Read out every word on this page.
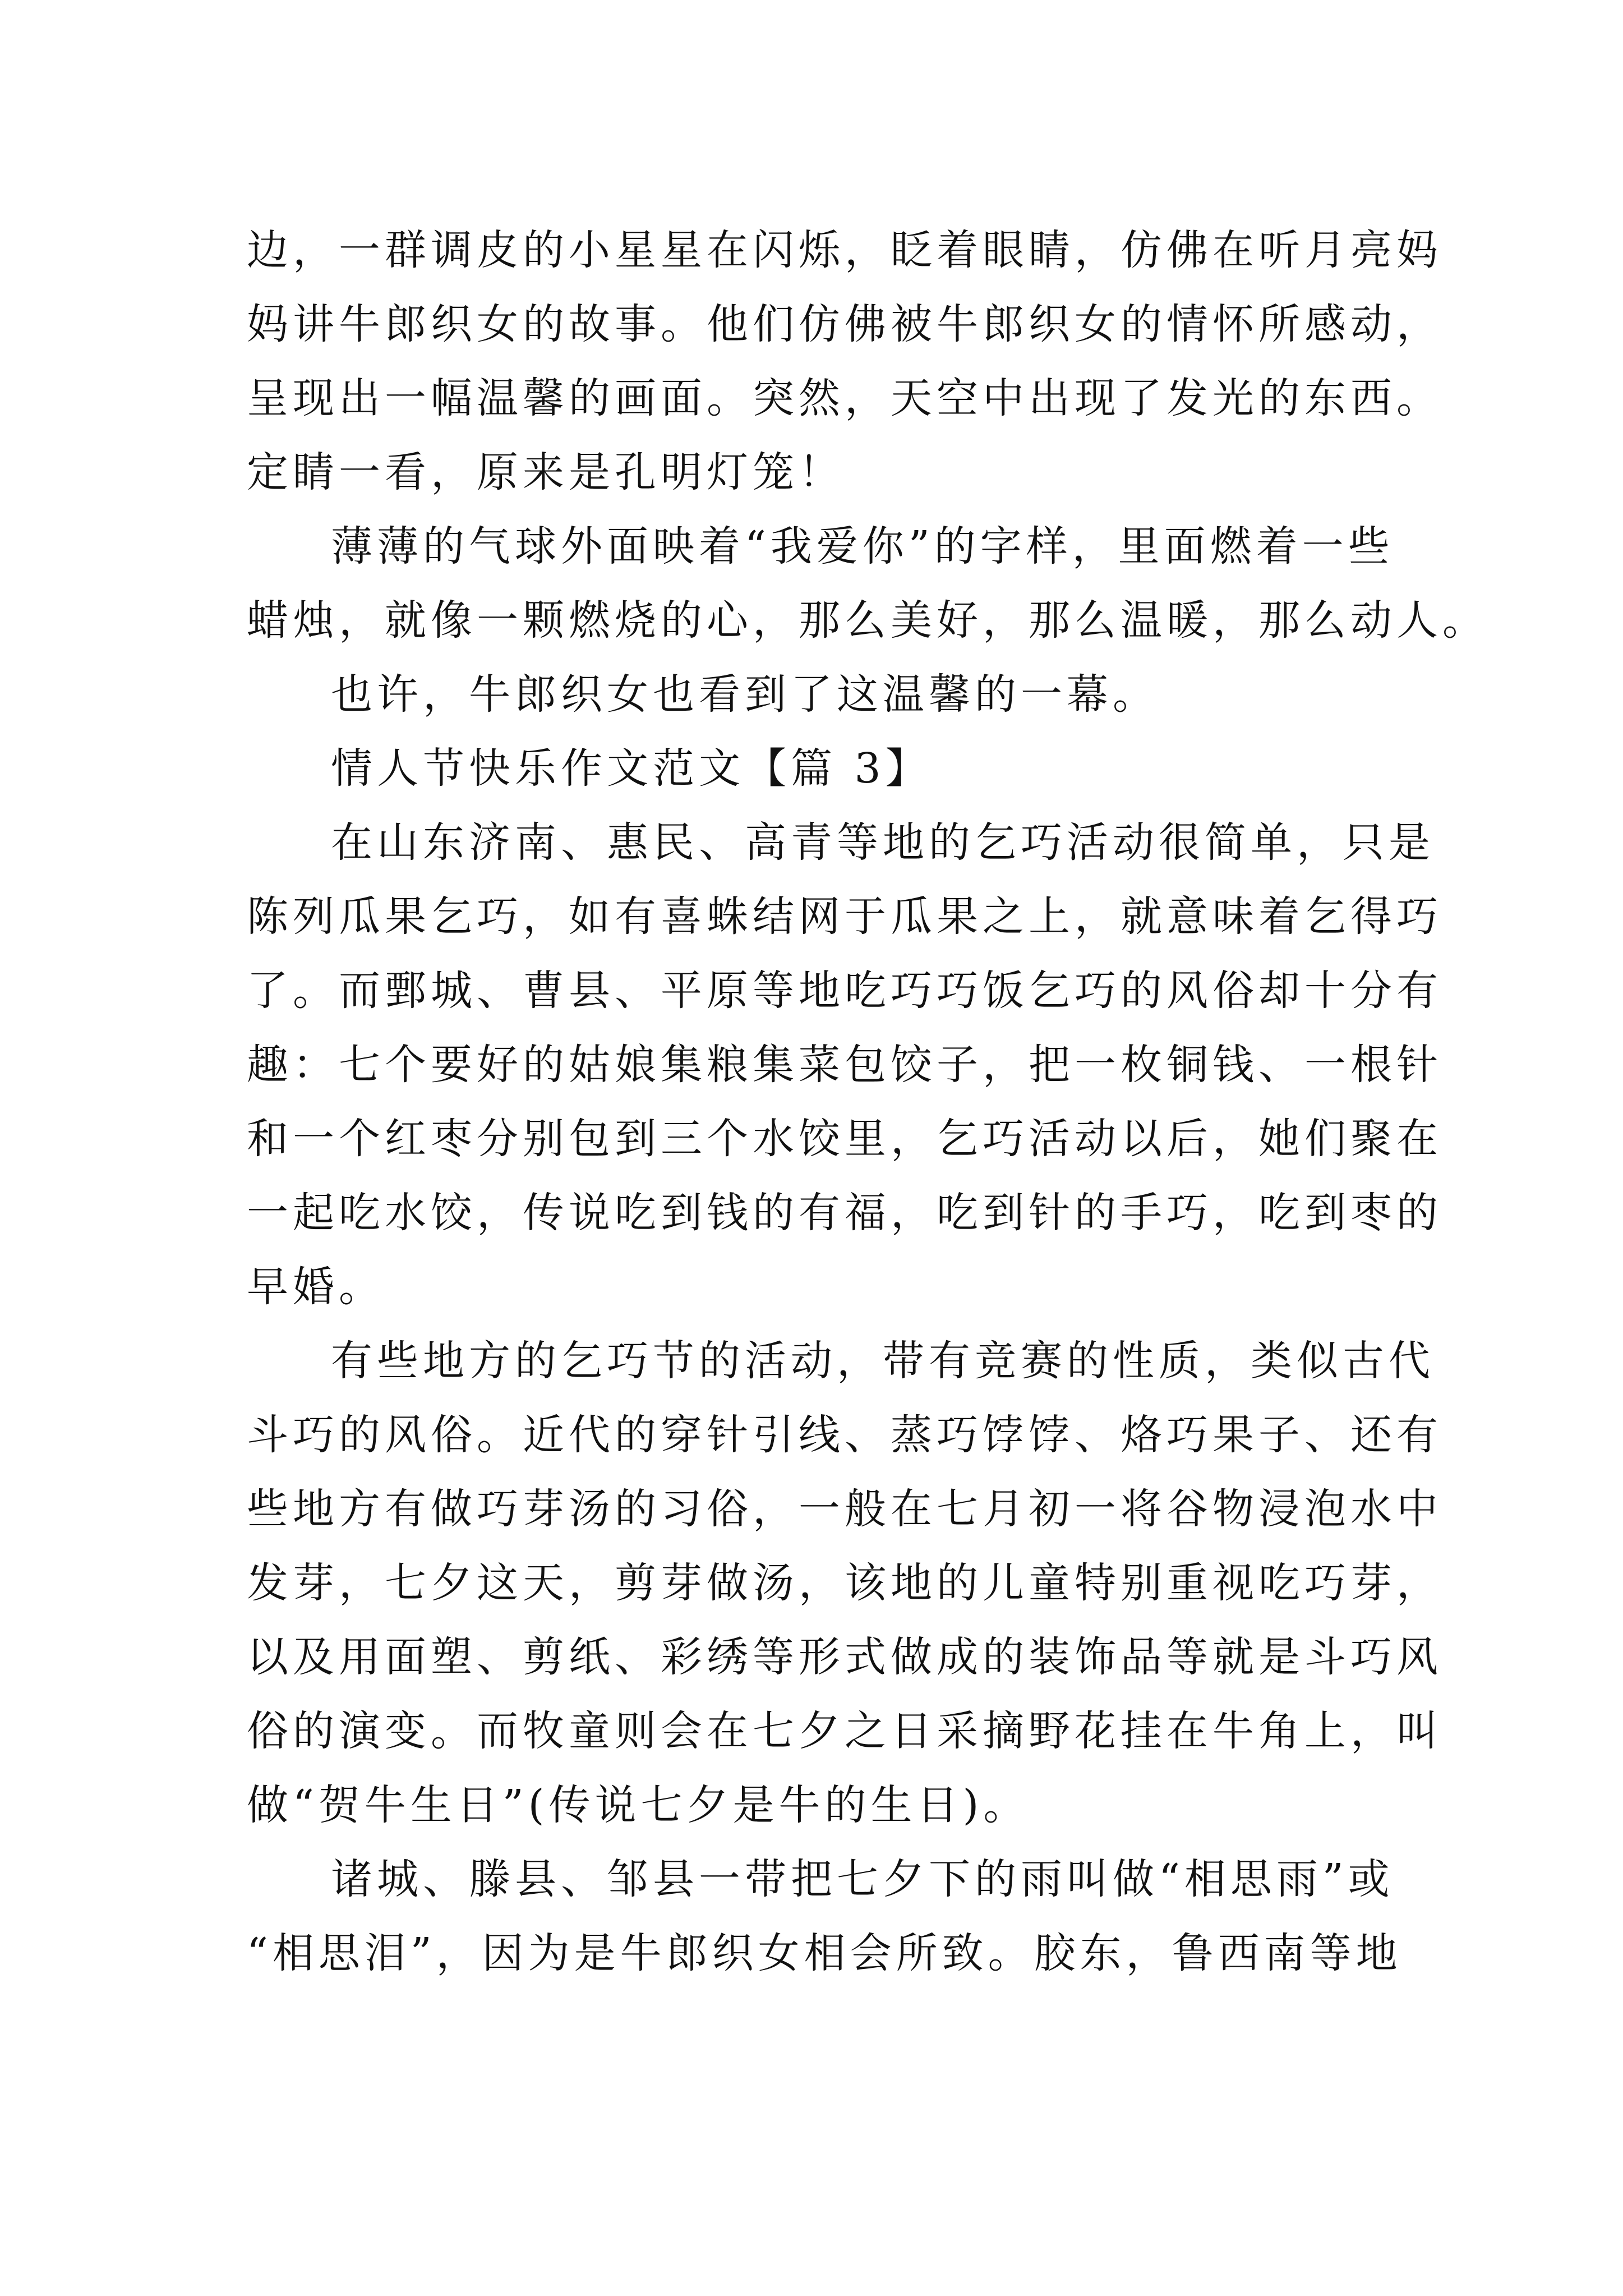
边，一群调皮的小星星在闪烁，眨着眼睛，仿佛在听月亮妈
妈讲牛郎织女的故事。他们仿佛被牛郎织女的情怀所感动，
呈现出一幅温馨的画面。突然，天空中出现了发光的东西。
定睛一看，原来是孔明灯笼！
薄薄的气球外面映着“我爱你”的字样，里面燃着一些
蜡烛，就像一颗燃烧的心，那么美好，那么温暖，那么动人。
也许，牛郎织女也看到了这温馨的一幕。
情人节快乐作文范文【篇 3】
在山东济南、惠民、高青等地的乞巧活动很简单，只是
陈列瓜果乞巧，如有喜蛛结网于瓜果之上，就意味着乞得巧
了。而鄄城、曹县、平原等地吃巧巧饭乞巧的风俗却十分有
趣：七个要好的姑娘集粮集菜包饺子，把一枚铜钱、一根针
和一个红枣分别包到三个水饺里，乞巧活动以后，她们聚在
一起吃水饺，传说吃到钱的有福，吃到针的手巧，吃到枣的
早婚。
有些地方的乞巧节的活动，带有竞赛的性质，类似古代
斗巧的风俗。近代的穿针引线、蒸巧饽饽、烙巧果子、还有
些地方有做巧芽汤的习俗，一般在七月初一将谷物浸泡水中
发芽，七夕这天，剪芽做汤，该地的儿童特别重视吃巧芽，
以及用面塑、剪纸、彩绣等形式做成的装饰品等就是斗巧风
俗的演变。而牧童则会在七夕之日采摘野花挂在牛角上，叫
做“贺牛生日”(传说七夕是牛的生日)。
诸城、滕县、邹县一带把七夕下的雨叫做“相思雨”或
“相思泪”，因为是牛郎织女相会所致。胶东，鲁西南等地
